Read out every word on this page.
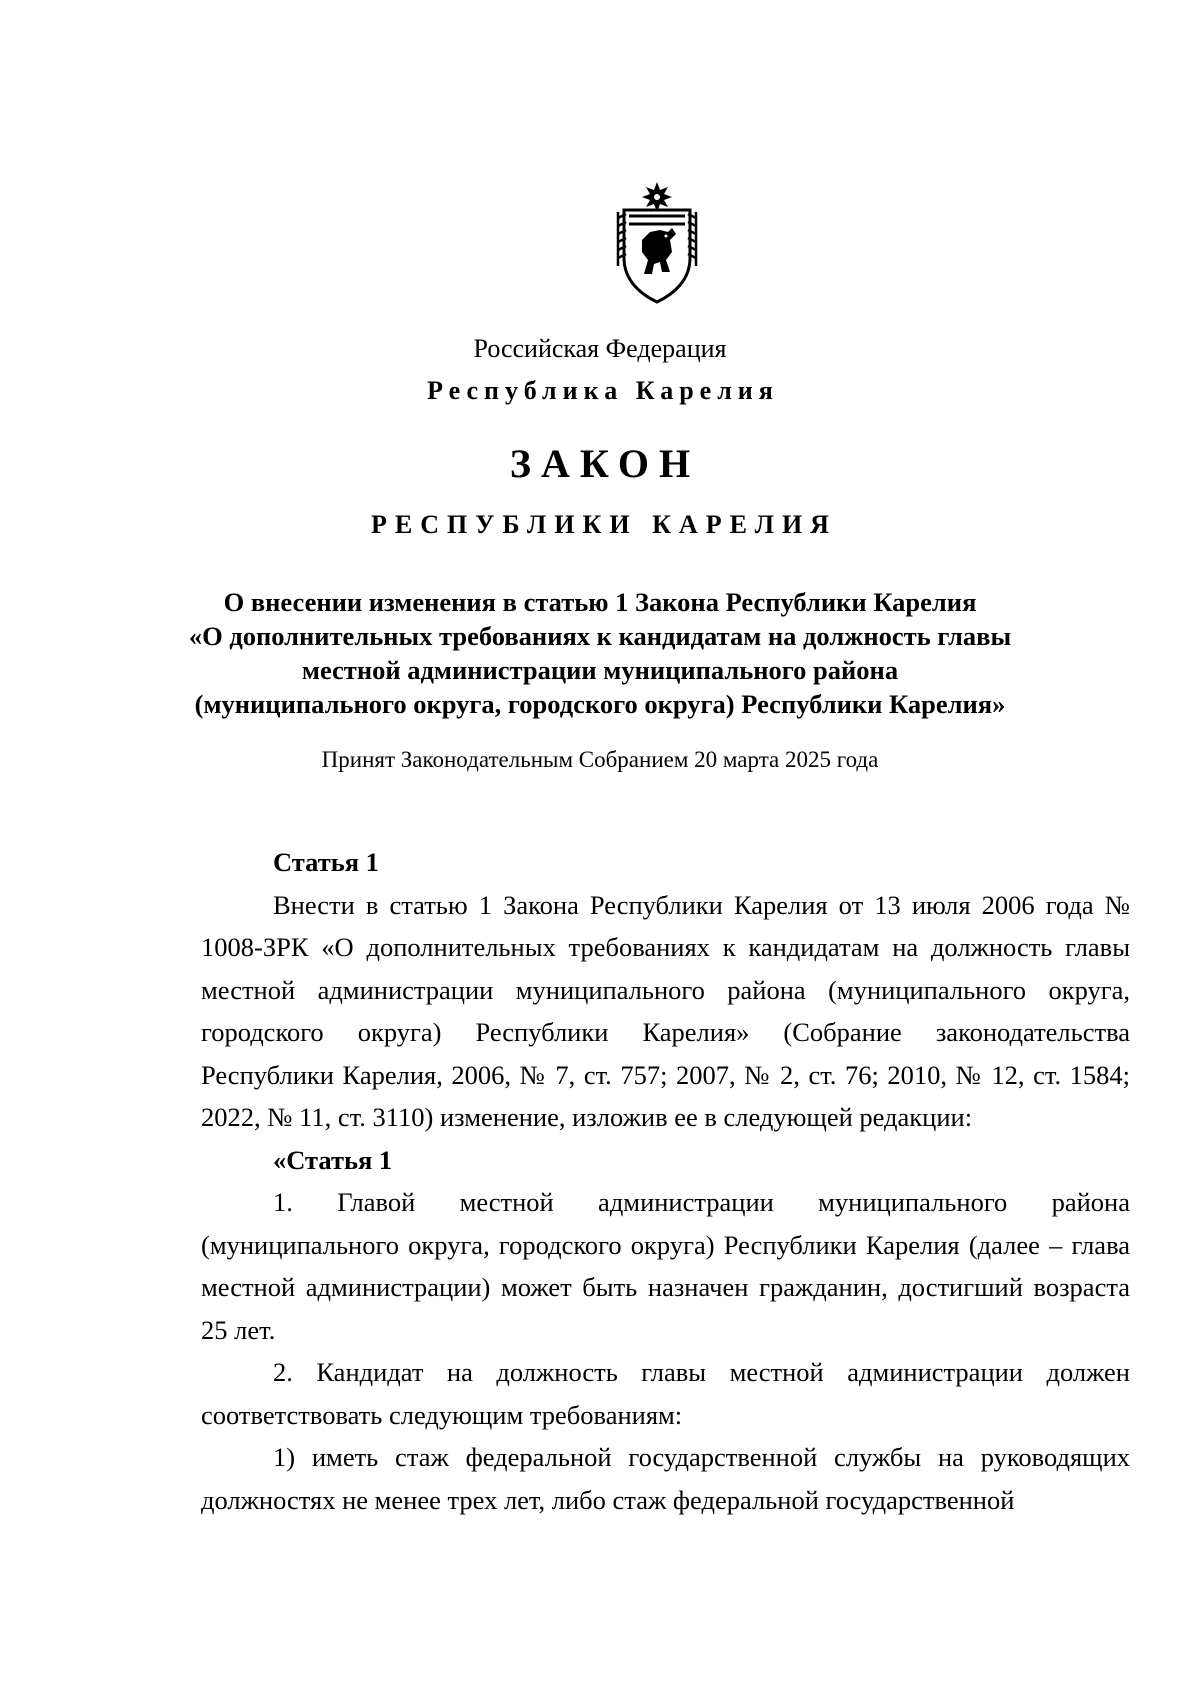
Российская Федерация
Республика Карелия
ЗАКОН
РЕСПУБЛИКИ КАРЕЛИЯ
О внесении изменения в статью 1 Закона Республики Карелия
«О дополнительных требованиях к кандидатам на должность главы
местной администрации муниципального района
(муниципального округа, городского округа) Республики Карелия»
Принят Законодательным Собранием 20 марта 2025 года

Статья 1

Внести в статью 1 Закона Республики Карелия от 13 июля 2006 года № 1008-ЗРК «О дополнительных требованиях к кандидатам на должность главы местной администрации муниципального района (муниципального округа, городского округа) Республики Карелия» (Собрание законодательства Республики Карелия, 2006, № 7, ст. 757; 2007, № 2, ст. 76; 2010, № 12, ст. 1584; 2022, № 11, ст. 3110) изменение, изложив ее в следующей редакции:

«Статья 1

1. Главой местной администрации муниципального района (муниципального округа, городского округа) Республики Карелия (далее – глава местной администрации) может быть назначен гражданин, достигший возраста 25 лет.

2. Кандидат на должность главы местной администрации должен соответствовать следующим требованиям:

1) иметь стаж федеральной государственной службы на руководящих должностях не менее трех лет, либо стаж федеральной государственной
